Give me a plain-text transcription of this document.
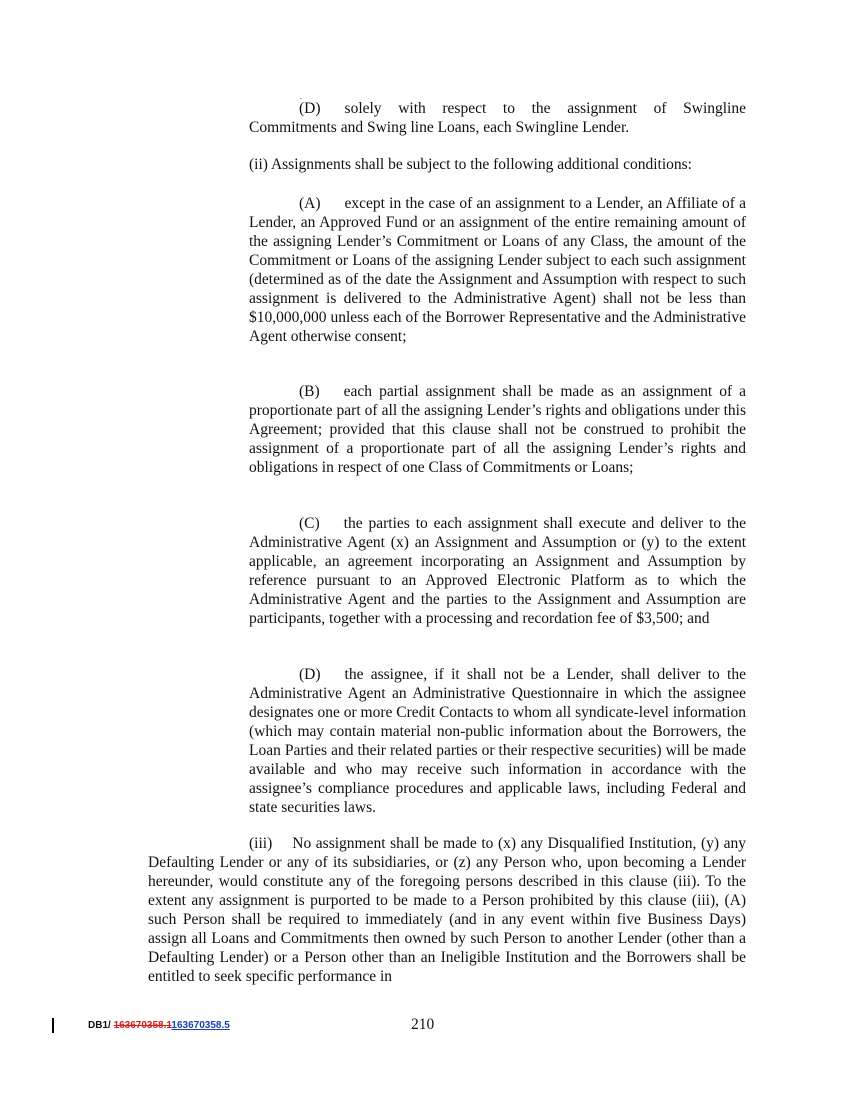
.
(D) solely with respect to the assignment of Swingline Commitments and Swing line Loans, each Swingline Lender.
(ii) Assignments shall be subject to the following additional conditions:
(A) except in the case of an assignment to a Lender, an Affiliate of a Lender, an Approved Fund or an assignment of the entire remaining amount of the assigning Lender’s Commitment or Loans of any Class, the amount of the Commitment or Loans of the assigning Lender subject to each such assignment (determined as of the date the Assignment and Assumption with respect to such assignment is delivered to the Administrative Agent) shall not be less than $10,000,000 unless each of the Borrower Representative and the Administrative Agent otherwise consent;
(B) each partial assignment shall be made as an assignment of a proportionate part of all the assigning Lender’s rights and obligations under this Agreement; provided that this clause shall not be construed to prohibit the assignment of a proportionate part of all the assigning Lender’s rights and obligations in respect of one Class of Commitments or Loans;
(C) the parties to each assignment shall execute and deliver to the Administrative Agent (x) an Assignment and Assumption or (y) to the extent applicable, an agreement incorporating an Assignment and Assumption by reference pursuant to an Approved Electronic Platform as to which the Administrative Agent and the parties to the Assignment and Assumption are participants, together with a processing and recordation fee of $3,500; and
(D) the assignee, if it shall not be a Lender, shall deliver to the Administrative Agent an Administrative Questionnaire in which the assignee designates one or more Credit Contacts to whom all syndicate-level information (which may contain material non-public information about the Borrowers, the Loan Parties and their related parties or their respective securities) will be made available and who may receive such information in accordance with the assignee’s compliance procedures and applicable laws, including Federal and state securities laws.
(iii) No assignment shall be made to (x) any Disqualified Institution, (y) any Defaulting Lender or any of its subsidiaries, or (z) any Person who, upon becoming a Lender hereunder, would constitute any of the foregoing persons described in this clause (iii). To the extent any assignment is purported to be made to a Person prohibited by this clause (iii), (A) such Person shall be required to immediately (and in any event within five Business Days) assign all Loans and Commitments then owned by such Person to another Lender (other than a Defaulting Lender) or a Person other than an Ineligible Institution and the Borrowers shall be entitled to seek specific performance in
DB1/ 163670358.1163670358.5	210
